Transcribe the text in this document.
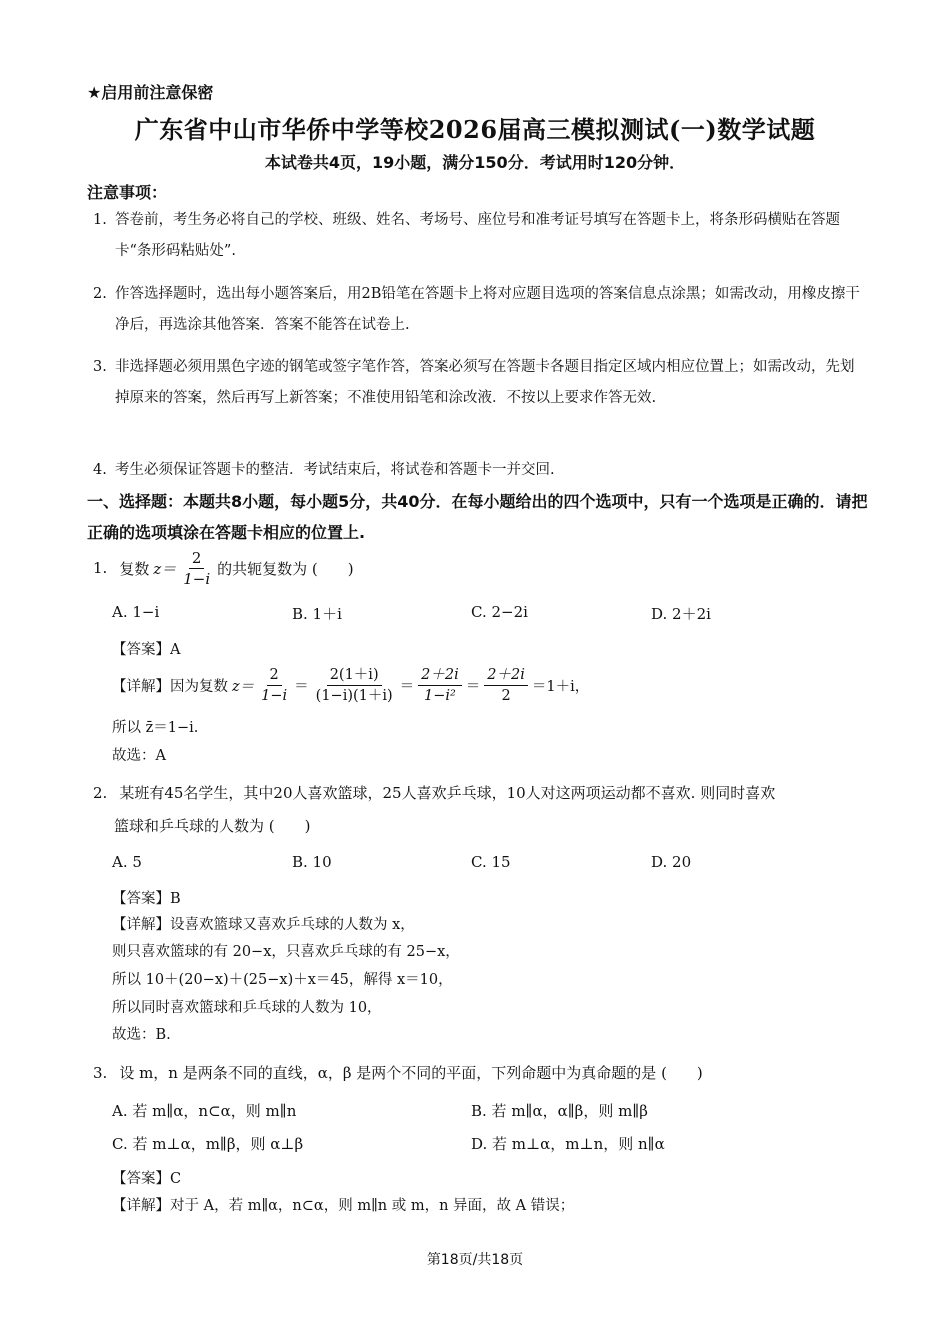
★启用前注意保密
广东省中山市华侨中学等校2026届高三模拟测试(一)数学试题
本试卷共4页，19小题，满分150分．考试用时120分钟．
注意事项：
1. 答卷前，考生务必将自己的学校、班级、姓名、考场号、座位号和准考证号填写在答题卡上，将条形码横贴在答题卡“条形码粘贴处”.
2. 作答选择题时，选出每小题答案后，用2B铅笔在答题卡上将对应题目选项的答案信息点涂黑；如需改动，用橡皮擦干净后，再选涂其他答案．答案不能答在试卷上.
3. 非选择题必须用黑色字迹的钢笔或签字笔作答，答案必须写在答题卡各题目指定区域内相应位置上；如需改动，先划掉原来的答案，然后再写上新答案；不准使用铅笔和涂改液．不按以上要求作答无效.
4. 考生必须保证答题卡的整洁．考试结束后，将试卷和答题卡一并交回.
一、选择题：本题共8小题，每小题5分，共40分．在每小题给出的四个选项中，只有一个选项是正确的．请把正确的选项填涂在答题卡相应的位置上.
1. 复数 $z= \frac{2}{1-i}$ 的共轭复数为 (　　)
A. 1−i	B. 1＋i	C. 2−2i	D. 2＋2i
【答案】A
【详解】因为复数 $z= \frac{2}{1-i} = \frac{2(1+i)}{(1-i)(1+i)} = \frac{2+2i}{\text{1−i²}} = \frac{2+2i}{2} =1+i$，
所以 z̄＝1−i.
故选：A
2. 某班有45名学生，其中20人喜欢篮球，25人喜欢乒乓球，10人对这两项运动都不喜欢. 则同时喜欢
篮球和乒乓球的人数为 (　　)
A. 5	B. 10	C. 15	D. 20
【答案】B
【详解】设喜欢篮球又喜欢乒乓球的人数为 x，
则只喜欢篮球的有 20−x，只喜欢乒乓球的有 25−x，
所以 10＋(20−x)＋(25−x)＋x＝45，解得 x＝10，
所以同时喜欢篮球和乒乓球的人数为 10，
故选：B.
3. 设 m，n 是两条不同的直线，α，β 是两个不同的平面，下列命题中为真命题的是 (　　)
A. 若 m∥α，n⊂α，则 m∥n	B. 若 m∥α，α∥β，则 m∥β
C. 若 m⊥α，m∥β，则 α⊥β	D. 若 m⊥α，m⊥n，则 n∥α
【答案】C
【详解】对于 A，若 m∥α，n⊂α，则 m∥n 或 m，n 异面，故 A 错误；
第18页/共18页
